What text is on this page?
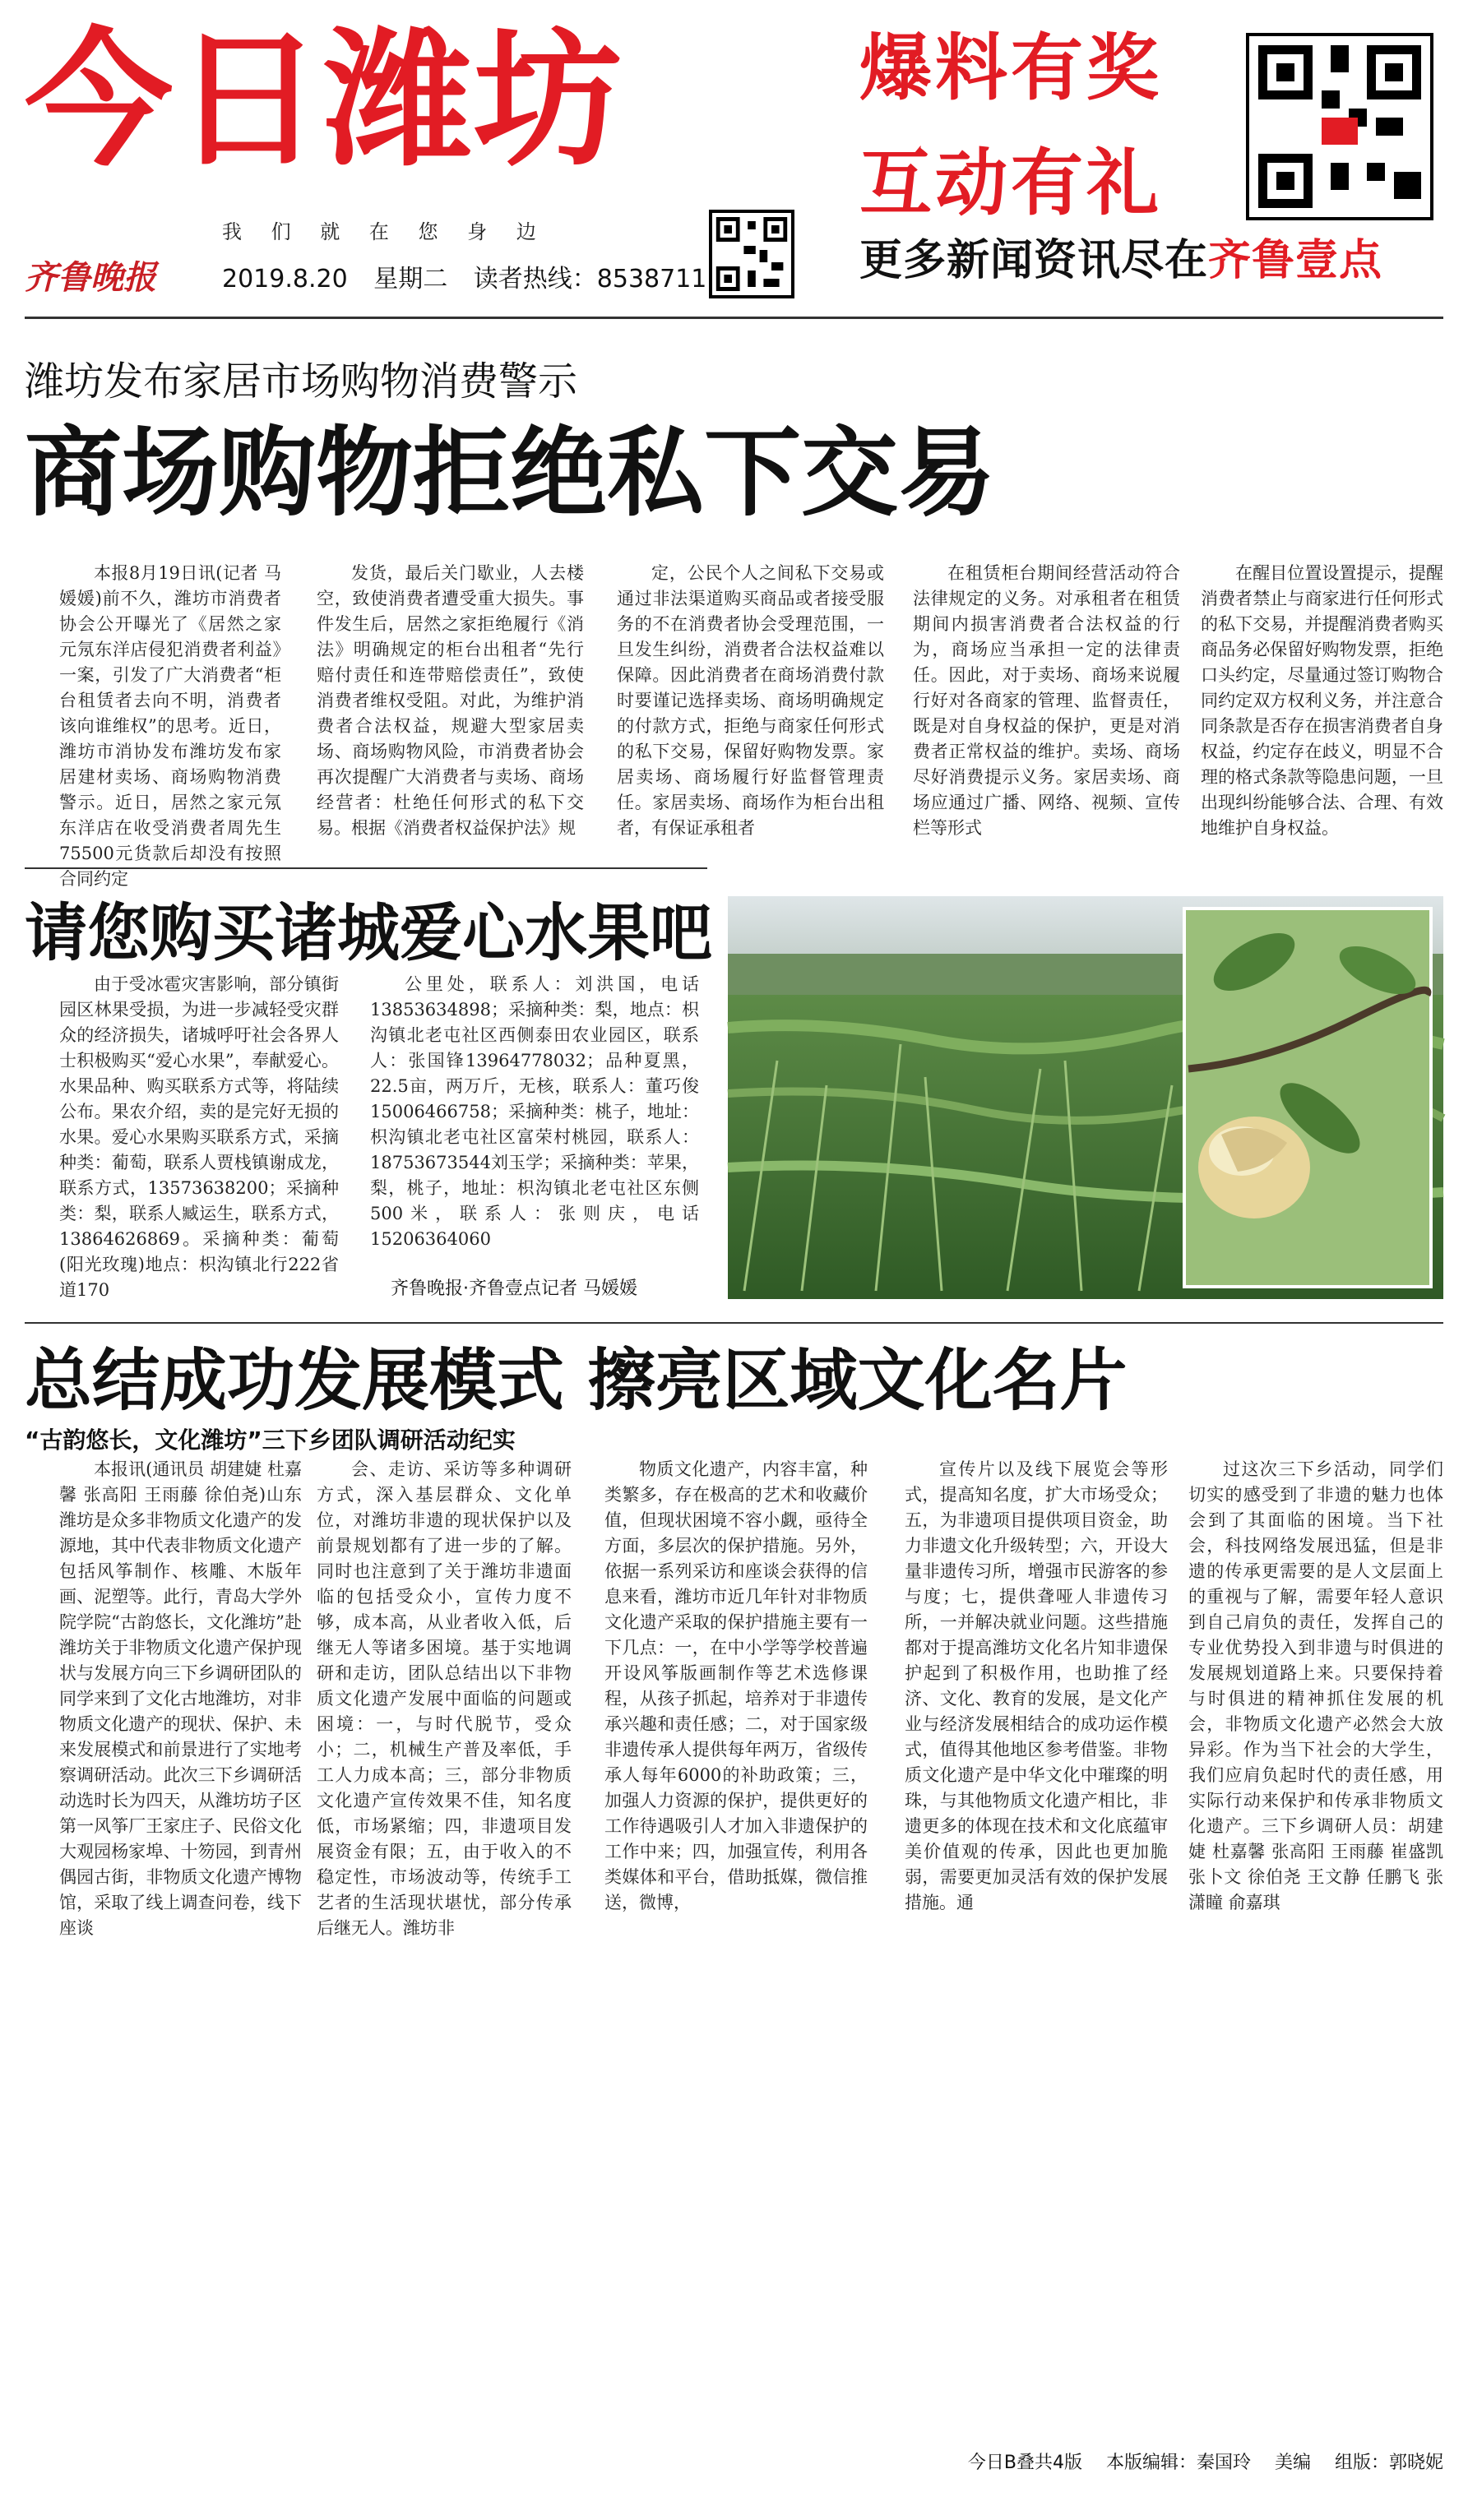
今日潍坊
我 们 就 在 您 身 边
齐鲁晚报	2019.8.20 星期二 读者热线：8538711
爆料有奖
互动有礼
更多新闻资讯尽在齐鲁壹点
潍坊发布家居市场购物消费警示
商场购物拒绝私下交易

本报8月19日讯(记者 马媛媛)前不久，潍坊市消费者协会公开曝光了《居然之家元氖东洋店侵犯消费者利益》一案，引发了广大消费者“柜台租赁者去向不明，消费者该向谁维权”的思考。近日，潍坊市消协发布潍坊发布家居建材卖场、商场购物消费警示。近日，居然之家元氖东洋店在收受消费者周先生75500元货款后却没有按照合同约定

发货，最后关门歇业，人去楼空，致使消费者遭受重大损失。事件发生后，居然之家拒绝履行《消法》明确规定的柜台出租者“先行赔付责任和连带赔偿责任”，致使消费者维权受阻。对此，为维护消费者合法权益，规避大型家居卖场、商场购物风险，市消费者协会再次提醒广大消费者与卖场、商场经营者：杜绝任何形式的私下交易。根据《消费者权益保护法》规

定，公民个人之间私下交易或通过非法渠道购买商品或者接受服务的不在消费者协会受理范围，一旦发生纠纷，消费者合法权益难以保障。因此消费者在商场消费付款时要谨记选择卖场、商场明确规定的付款方式，拒绝与商家任何形式的私下交易，保留好购物发票。家居卖场、商场履行好监督管理责任。家居卖场、商场作为柜台出租者，有保证承租者

在租赁柜台期间经营活动符合法律规定的义务。对承租者在租赁期间内损害消费者合法权益的行为，商场应当承担一定的法律责任。因此，对于卖场、商场来说履行好对各商家的管理、监督责任，既是对自身权益的保护，更是对消费者正常权益的维护。卖场、商场尽好消费提示义务。家居卖场、商场应通过广播、网络、视频、宣传栏等形式

在醒目位置设置提示，提醒消费者禁止与商家进行任何形式的私下交易，并提醒消费者购买商品务必保留好购物发票，拒绝口头约定，尽量通过签订购物合同约定双方权利义务，并注意合同条款是否存在损害消费者自身权益，约定存在歧义，明显不合理的格式条款等隐患问题，一旦出现纠纷能够合法、合理、有效地维护自身权益。

请您购买诸城爱心水果吧

由于受冰雹灾害影响，部分镇街园区林果受损，为进一步减轻受灾群众的经济损失，诸城呼吁社会各界人士积极购买“爱心水果”，奉献爱心。水果品种、购买联系方式等，将陆续公布。果农介绍，卖的是完好无损的水果。爱心水果购买联系方式，采摘种类：葡萄，联系人贾栈镇谢成龙，联系方式，13573638200；采摘种类：梨，联系人臧运生，联系方式，13864626869。采摘种类：葡萄(阳光玫瑰)地点：枳沟镇北行222省道170

公里处，联系人：刘洪国，电话13853634898；采摘种类：梨，地点：枳沟镇北老屯社区西侧泰田农业园区，联系人：张国锋13964778032；品种夏黑，22.5亩，两万斤，无核，联系人：董巧俊15006466758；采摘种类：桃子，地址：枳沟镇北老屯社区富荣村桃园，联系人：18753673544刘玉学；采摘种类：苹果，梨，桃子，地址：枳沟镇北老屯社区东侧500米，联系人：张则庆，电话15206364060

齐鲁晚报·齐鲁壹点记者 马媛媛
总结成功发展模式 擦亮区域文化名片
“古韵悠长，文化潍坊”三下乡团队调研活动纪实

本报讯(通讯员 胡建婕 杜嘉馨 张高阳 王雨藤 徐伯尧)山东潍坊是众多非物质文化遗产的发源地，其中代表非物质文化遗产包括风筝制作、核雕、木版年画、泥塑等。此行，青岛大学外院学院“古韵悠长，文化潍坊”赴潍坊关于非物质文化遗产保护现状与发展方向三下乡调研团队的同学来到了文化古地潍坊，对非物质文化遗产的现状、保护、未来发展模式和前景进行了实地考察调研活动。此次三下乡调研活动选时长为四天，从潍坊坊子区第一风筝厂王家庄子、民俗文化大观园杨家埠、十笏园，到青州偶园古街，非物质文化遗产博物馆，采取了线上调查问卷，线下座谈

会、走访、采访等多种调研方式，深入基层群众、文化单位，对潍坊非遗的现状保护以及前景规划都有了进一步的了解。同时也注意到了关于潍坊非遗面临的包括受众小，宣传力度不够，成本高，从业者收入低，后继无人等诸多困境。基于实地调研和走访，团队总结出以下非物质文化遗产发展中面临的问题或困境：一，与时代脱节，受众小；二，机械生产普及率低，手工人力成本高；三，部分非物质文化遗产宣传效果不佳，知名度低，市场紧缩；四，非遗项目发展资金有限；五，由于收入的不稳定性，市场波动等，传统手工艺者的生活现状堪忧，部分传承后继无人。潍坊非

物质文化遗产，内容丰富，种类繁多，存在极高的艺术和收藏价值，但现状困境不容小觑，亟待全方面，多层次的保护措施。另外，依据一系列采访和座谈会获得的信息来看，潍坊市近几年针对非物质文化遗产采取的保护措施主要有一下几点：一，在中小学等学校普遍开设风筝版画制作等艺术选修课程，从孩子抓起，培养对于非遗传承兴趣和责任感；二，对于国家级非遗传承人提供每年两万，省级传承人每年6000的补助政策；三，加强人力资源的保护，提供更好的工作待遇吸引人才加入非遗保护的工作中来；四，加强宣传，利用各类媒体和平台，借助抵媒，微信推送，微博，

宣传片以及线下展览会等形式，提高知名度，扩大市场受众；五，为非遗项目提供项目资金，助力非遗文化升级转型；六，开设大量非遗传习所，增强市民游客的参与度；七，提供聋哑人非遗传习所，一并解决就业问题。这些措施都对于提高潍坊文化名片知非遗保护起到了积极作用，也助推了经济、文化、教育的发展，是文化产业与经济发展相结合的成功运作模式，值得其他地区参考借鉴。非物质文化遗产是中华文化中璀璨的明珠，与其他物质文化遗产相比，非遗更多的体现在技术和文化底蕴审美价值观的传承，因此也更加脆弱，需要更加灵活有效的保护发展措施。通

过这次三下乡活动，同学们切实的感受到了非遗的魅力也体会到了其面临的困境。当下社会，科技网络发展迅猛，但是非遗的传承更需要的是人文层面上的重视与了解，需要年轻人意识到自己肩负的责任，发挥自己的专业优势投入到非遗与时俱进的发展规划道路上来。只要保持着与时俱进的精神抓住发展的机会，非物质文化遗产必然会大放异彩。作为当下社会的大学生，我们应肩负起时代的责任感，用实际行动来保护和传承非物质文化遗产。三下乡调研人员：胡建婕 杜嘉馨 张高阳 王雨藤 崔盛凯 张卜文 徐伯尧 王文静 任鹏飞 张潇瞳 俞嘉琪

今日B叠共4版 本版编辑：秦国玲 美编 组版：郭晓妮
